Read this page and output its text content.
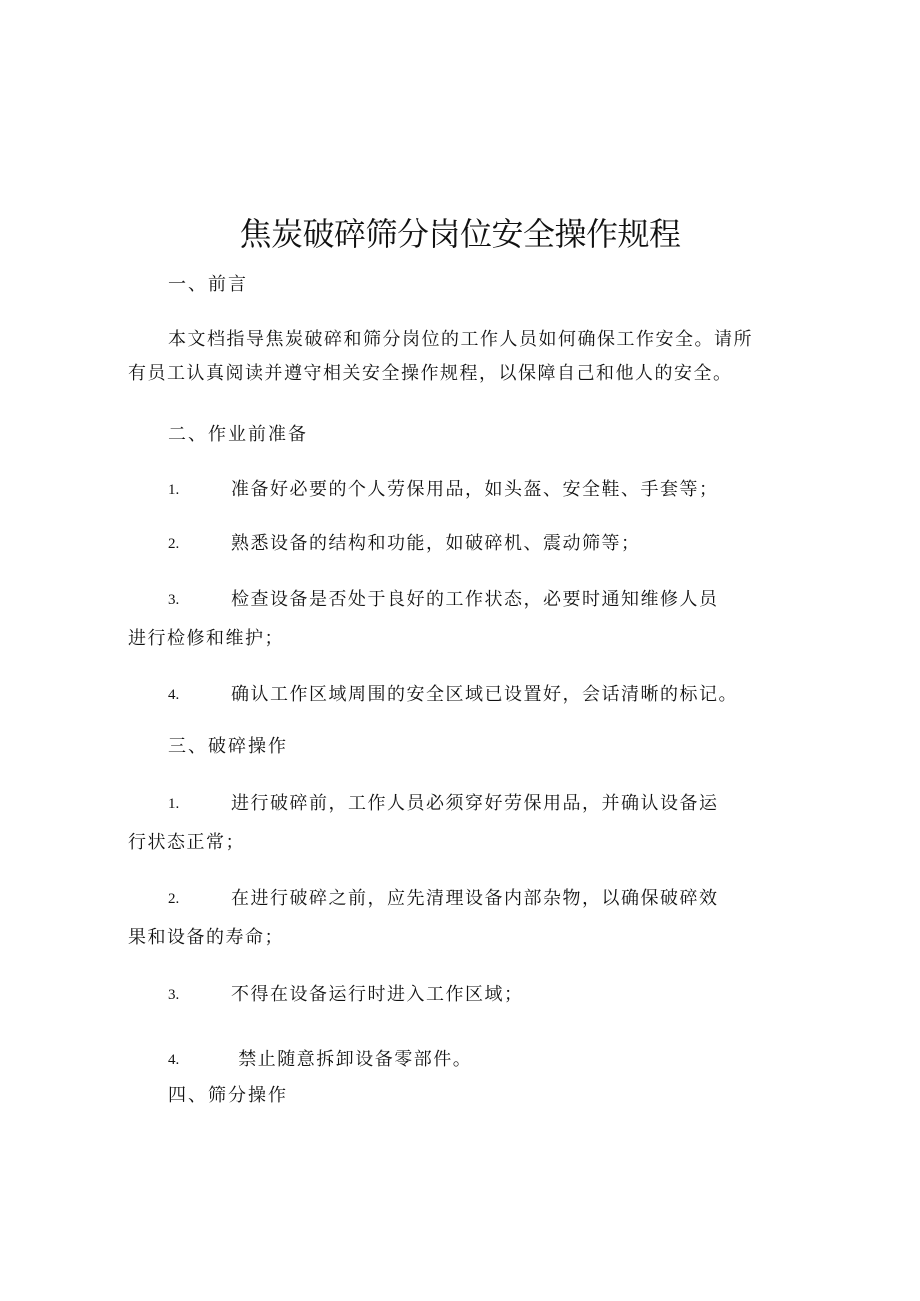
焦炭破碎筛分岗位安全操作规程
一、前言
本文档指导焦炭破碎和筛分岗位的工作人员如何确保工作安全。请所
有员工认真阅读并遵守相关安全操作规程，以保障自己和他人的安全。
二、作业前准备
1.	准备好必要的个人劳保用品，如头盔、安全鞋、手套等；
2.	熟悉设备的结构和功能，如破碎机、震动筛等；
3.	检查设备是否处于良好的工作状态，必要时通知维修人员
进行检修和维护；
4.	确认工作区域周围的安全区域已设置好，会话清晰的标记。
三、破碎操作
1.	进行破碎前，工作人员必须穿好劳保用品，并确认设备运
行状态正常；
2.	在进行破碎之前，应先清理设备内部杂物，以确保破碎效
果和设备的寿命；
3.	不得在设备运行时进入工作区域；
4.	禁止随意拆卸设备零部件。
四、筛分操作
